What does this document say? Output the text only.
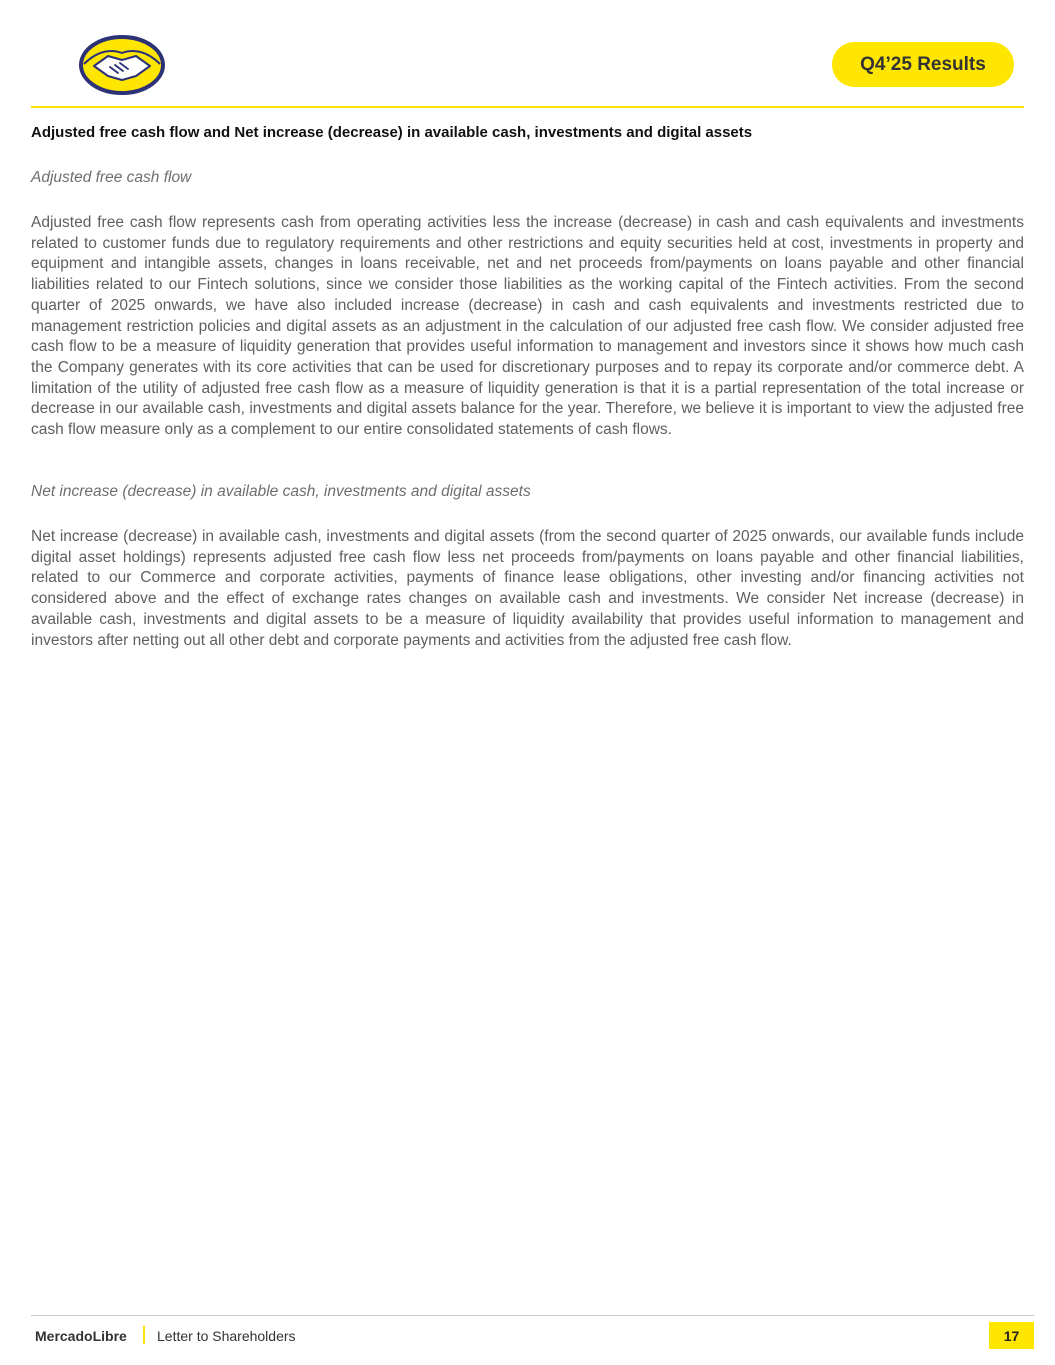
Q4’25 Results
Adjusted free cash flow and Net increase (decrease) in available cash, investments and digital assets
Adjusted free cash flow
Adjusted free cash flow represents cash from operating activities less the increase (decrease) in cash and cash equivalents and investments related to customer funds due to regulatory requirements and other restrictions and equity securities held at cost, investments in property and equipment and intangible assets, changes in loans receivable, net and net proceeds from/payments on loans payable and other financial liabilities related to our Fintech solutions, since we consider those liabilities as the working capital of the Fintech activities. From the second quarter of 2025 onwards, we have also included increase (decrease) in cash and cash equivalents and investments restricted due to management restriction policies and digital assets as an adjustment in the calculation of our adjusted free cash flow. We consider adjusted free cash flow to be a measure of liquidity generation that provides useful information to management and investors since it shows how much cash the Company generates with its core activities that can be used for discretionary purposes and to repay its corporate and/or commerce debt. A limitation of the utility of adjusted free cash flow as a measure of liquidity generation is that it is a partial representation of the total increase or decrease in our available cash, investments and digital assets balance for the year. Therefore, we believe it is important to view the adjusted free cash flow measure only as a complement to our entire consolidated statements of cash flows.
Net increase (decrease) in available cash, investments and digital assets
Net increase (decrease) in available cash, investments and digital assets (from the second quarter of 2025 onwards, our available funds include digital asset holdings) represents adjusted free cash flow less net proceeds from/payments on loans payable and other financial liabilities, related to our Commerce and corporate activities, payments of finance lease obligations, other investing and/or financing activities not considered above and the effect of exchange rates changes on available cash and investments. We consider Net increase (decrease) in available cash, investments and digital assets to be a measure of liquidity availability that provides useful information to management and investors after netting out all other debt and corporate payments and activities from the adjusted free cash flow.
MercadoLibre Letter to Shareholders	17
